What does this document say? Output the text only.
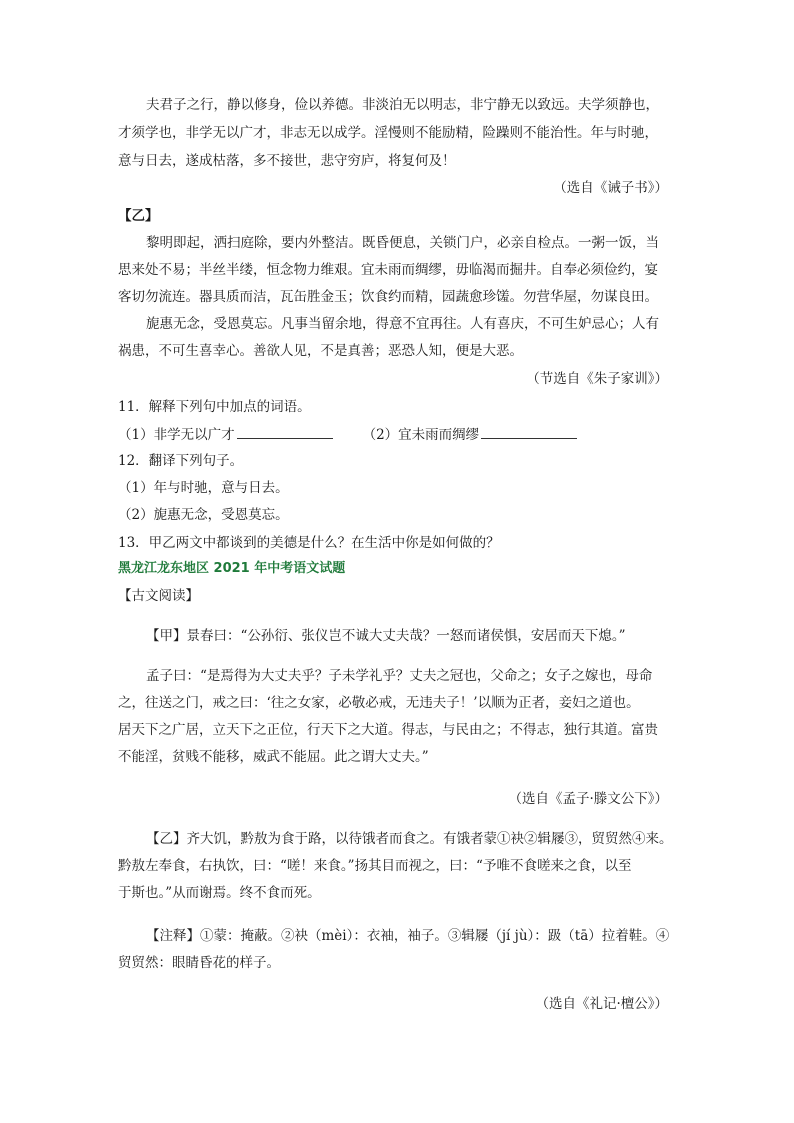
夫君子之行，静以修身，俭以养德。非淡泊无以明志，非宁静无以致远。夫学须静也，
才须学也，非学无以广才，非志无以成学。淫慢则不能励精，险躁则不能治性。年与时驰，
意与日去，遂成枯落，多不接世，悲守穷庐，将复何及！
（选自《诫子书》）
【乙】
黎明即起，洒扫庭除，要内外整洁。既昏便息，关锁门户，必亲自检点。一粥一饭，当
思来处不易；半丝半缕，恒念物力维艰。宜未雨而绸缪，毋临渴而掘井。自奉必须俭约，宴
客切勿流连。器具质而洁，瓦缶胜金玉；饮食约而精，园蔬愈珍馐。勿营华屋，勿谋良田。
旎惠无念，受恩莫忘。凡事当留余地，得意不宜再往。人有喜庆，不可生妒忌心；人有
祸患，不可生喜幸心。善欲人见，不是真善；恶恐人知，便是大恶。
（节选自《朱子家训》）
11．解释下列句中加点的词语。
（1）非学无以广才	（2）宜未雨而绸缪
12．翻译下列句子。
（1）年与时驰，意与日去。
（2）旎惠无念，受恩莫忘。
13．甲乙两文中都谈到的美德是什么？在生活中你是如何做的？
黑龙江龙东地区 2021 年中考语文试题
【古文阅读】
【甲】景春曰：“公孙衍、张仪岂不诚大丈夫哉？一怒而诸侯惧，安居而天下熄。”
孟子曰：“是焉得为大丈夫乎？子未学礼乎？丈夫之冠也，父命之；女子之嫁也，母命
之，往送之门，戒之曰：‘往之女家，必敬必戒，无违夫子！’以顺为正者，妾妇之道也。
居天下之广居，立天下之正位，行天下之大道。得志，与民由之；不得志，独行其道。富贵
不能淫，贫贱不能移，威武不能屈。此之谓大丈夫。”
（选自《孟子·滕文公下》）
【乙】齐大饥，黔敖为食于路，以待饿者而食之。有饿者蒙①袂②辑屦③，贸贸然④来。
黔敖左奉食，右执饮，曰：“嗟！来食。”扬其目而视之，曰：“予唯不食嗟来之食，以至
于斯也。”从而谢焉。终不食而死。
【注释】①蒙：掩蔽。②袂（mèi）：衣袖，袖子。③辑屦（jí jù）：趿（tā）拉着鞋。④
贸贸然：眼睛昏花的样子。
（选自《礼记·檀公》）
